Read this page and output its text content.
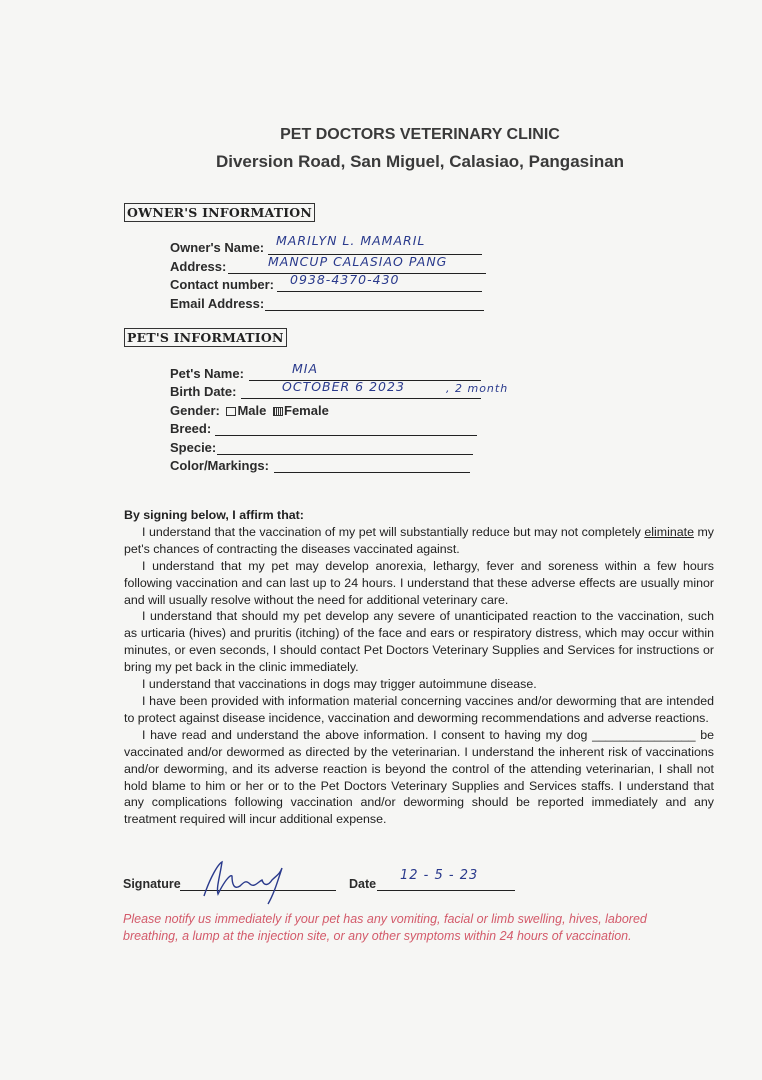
PET DOCTORS VETERINARY CLINIC
Diversion Road, San Miguel, Calasiao, Pangasinan
OWNER'S INFORMATION
Owner's Name: MARILYN L. MAMARIL
Address:	MANCUP CALASIAO PANG
Contact number: 0938-4370-430
Email Address:
PET'S INFORMATION
Pet's Name:	MIA
Birth Date:	OCTOBER 6 2023	, 2 month
Gender: Male Female
Breed:
Specie:
Color/Markings:

By signing below, I affirm that:

I understand that the vaccination of my pet will substantially reduce but may not completely eliminate my pet's chances of contracting the diseases vaccinated against.

I understand that my pet may develop anorexia, lethargy, fever and soreness within a few hours following vaccination and can last up to 24 hours. I understand that these adverse effects are usually minor and will usually resolve without the need for additional veterinary care.

I understand that should my pet develop any severe of unanticipated reaction to the vaccination, such as urticaria (hives) and pruritis (itching) of the face and ears or respiratory distress, which may occur within minutes, or even seconds, I should contact Pet Doctors Veterinary Supplies and Services for instructions or bring my pet back in the clinic immediately.

I understand that vaccinations in dogs may trigger autoimmune disease.

I have been provided with information material concerning vaccines and/or deworming that are intended to protect against disease incidence, vaccination and deworming recommendations and adverse reactions.

I have read and understand the above information. I consent to having my dog _______________ be vaccinated and/or dewormed as directed by the veterinarian. I understand the inherent risk of vaccinations and/or deworming, and its adverse reaction is beyond the control of the attending veterinarian, I shall not hold blame to him or her or to the Pet Doctors Veterinary Supplies and Services staffs. I understand that any complications following vaccination and/or deworming should be reported immediately and any treatment required will incur additional expense.

Signature	Date
12 - 5 - 23
Please notify us immediately if your pet has any vomiting, facial or limb swelling, hives, labored breathing, a lump at the injection site, or any other symptoms within 24 hours of vaccination.
